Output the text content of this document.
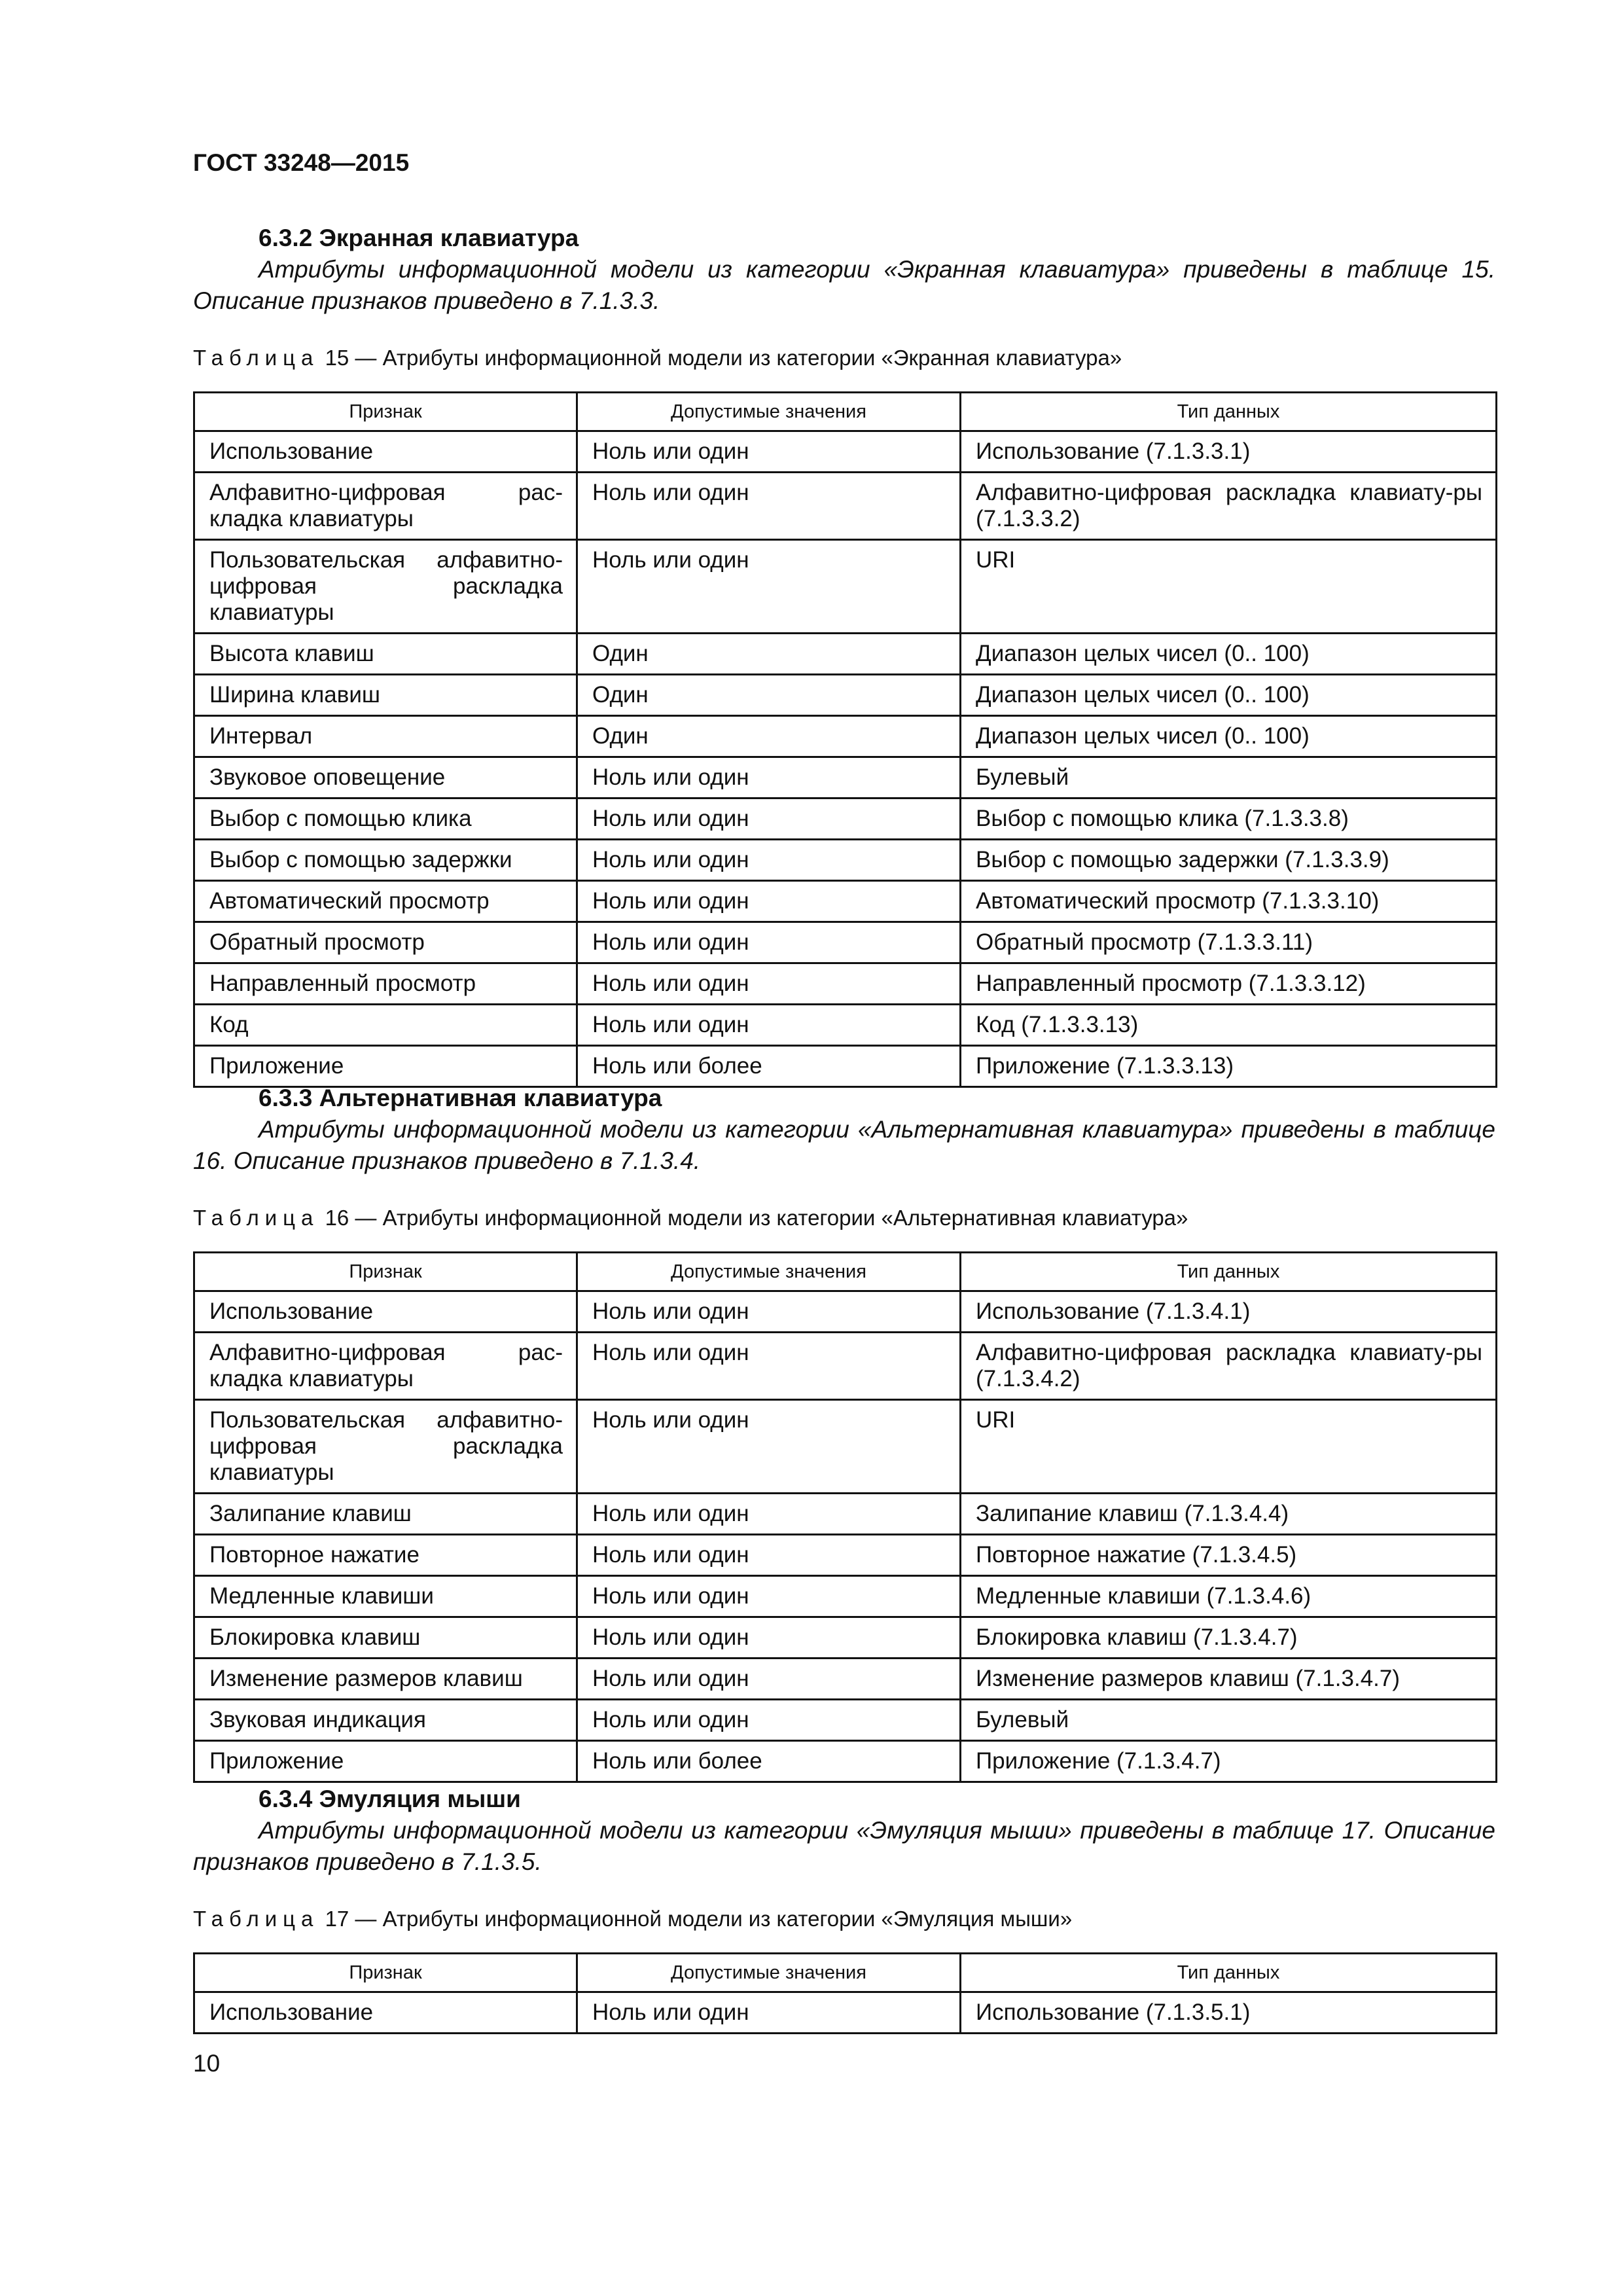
ГОСТ 33248—2015
6.3.2 Экранная клавиатура

Атрибуты информационной модели из категории «Экранная клавиатура» приведены в таблице 15. Описание признаков приведено в 7.1.3.3.

Таблица 15 — Атрибуты информационной модели из категории «Экранная клавиатура»
Признак	Допустимые значения	Тип данных
Использование	Ноль или один	Использование (7.1.3.3.1)
Алфавитно-цифровая рас-кладка клавиатуры	Ноль или один	Алфавитно-цифровая раскладка клавиату-ры (7.1.3.3.2)
Пользовательская алфавитно-цифровая раскладка клавиатуры	Ноль или один	URI
Высота клавиш	Один	Диапазон целых чисел (0.. 100)
Ширина клавиш	Один	Диапазон целых чисел (0.. 100)
Интервал	Один	Диапазон целых чисел (0.. 100)
Звуковое оповещение	Ноль или один	Булевый
Выбор с помощью клика	Ноль или один	Выбор с помощью клика (7.1.3.3.8)
Выбор с помощью задержки	Ноль или один	Выбор с помощью задержки (7.1.3.3.9)
Автоматический просмотр	Ноль или один	Автоматический просмотр (7.1.3.3.10)
Обратный просмотр	Ноль или один	Обратный просмотр (7.1.3.3.11)
Направленный просмотр	Ноль или один	Направленный просмотр (7.1.3.3.12)
Код	Ноль или один	Код (7.1.3.3.13)
Приложение	Ноль или более	Приложение (7.1.3.3.13)
6.3.3 Альтернативная клавиатура

Атрибуты информационной модели из категории «Альтернативная клавиатура» приведены в таблице 16. Описание признаков приведено в 7.1.3.4.

Таблица 16 — Атрибуты информационной модели из категории «Альтернативная клавиатура»
Признак	Допустимые значения	Тип данных
Использование	Ноль или один	Использование (7.1.3.4.1)
Алфавитно-цифровая рас-кладка клавиатуры	Ноль или один	Алфавитно-цифровая раскладка клавиату-ры (7.1.3.4.2)
Пользовательская алфавитно-цифровая раскладка клавиатуры	Ноль или один	URI
Залипание клавиш	Ноль или один	Залипание клавиш (7.1.3.4.4)
Повторное нажатие	Ноль или один	Повторное нажатие (7.1.3.4.5)
Медленные клавиши	Ноль или один	Медленные клавиши (7.1.3.4.6)
Блокировка клавиш	Ноль или один	Блокировка клавиш (7.1.3.4.7)
Изменение размеров клавиш	Ноль или один	Изменение размеров клавиш (7.1.3.4.7)
Звуковая индикация	Ноль или один	Булевый
Приложение	Ноль или более	Приложение (7.1.3.4.7)
6.3.4 Эмуляция мыши

Атрибуты информационной модели из категории «Эмуляция мыши» приведены в таблице 17. Описание признаков приведено в 7.1.3.5.

Таблица 17 — Атрибуты информационной модели из категории «Эмуляция мыши»
Признак	Допустимые значения	Тип данных
Использование	Ноль или один	Использование (7.1.3.5.1)
10
